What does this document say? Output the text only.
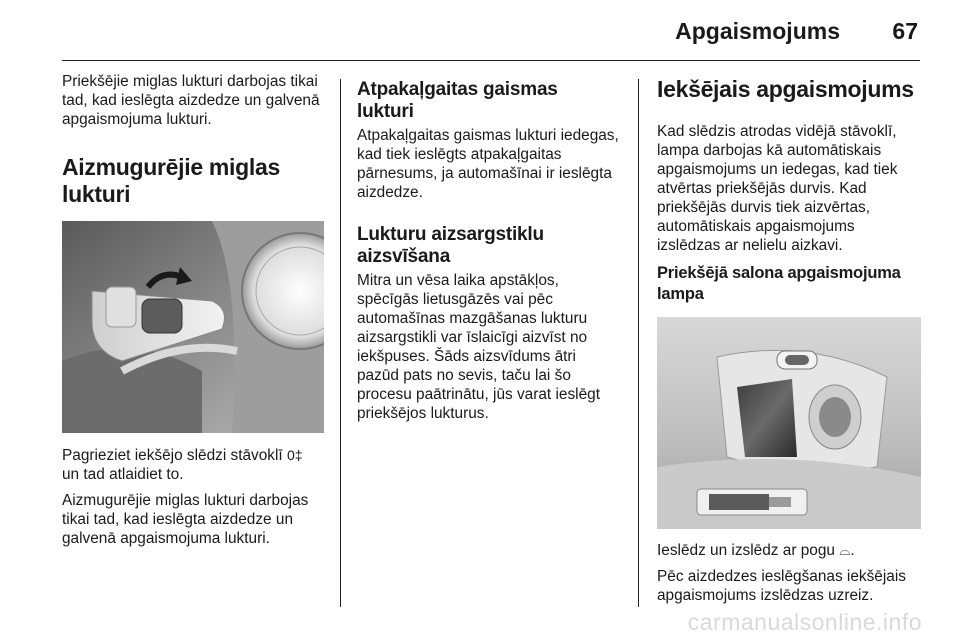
Apgaismojums 67

Priekšējie miglas lukturi darbojas tikai tad, kad ieslēgta aizdedze un galvenā apgaismojuma lukturi.

Aizmugurējie miglas lukturi

Pagrieziet iekšējo slēdzi stāvoklī 0‡
un tad atlaidiet to.

Aizmugurējie miglas lukturi darbojas tikai tad, kad ieslēgta aizdedze un galvenā apgaismojuma lukturi.

Atpakaļgaitas gaismas lukturi

Atpakaļgaitas gaismas lukturi iedegas, kad tiek ieslēgts atpakaļgaitas pārnesums, ja automašīnai ir ieslēgta aizdedze.

Lukturu aizsargstiklu aizsvīšana

Mitra un vēsa laika apstākļos, spēcīgās lietusgāzēs vai pēc automašīnas mazgāšanas lukturu aizsargstikli var īslaicīgi aizvīst no iekšpuses. Šāds aizsvīdums ātri pazūd pats no sevis, taču lai šo procesu paātrinātu, jūs varat ieslēgt priekšējos lukturus.

Iekšējais apgaismojums

Kad slēdzis atrodas vidējā stāvoklī, lampa darbojas kā automātiskais apgaismojums un iedegas, kad tiek atvērtas priekšējās durvis. Kad priekšējās durvis tiek aizvērtas, automātiskais apgaismojums izslēdzas ar nelielu aizkavi.

Priekšējā salona apgaismojuma lampa

Ieslēdz un izslēdz ar pogu ⌓.

Pēc aizdedzes ieslēgšanas iekšējais apgaismojums izslēdzas uzreiz.

carmanualsonline.info
